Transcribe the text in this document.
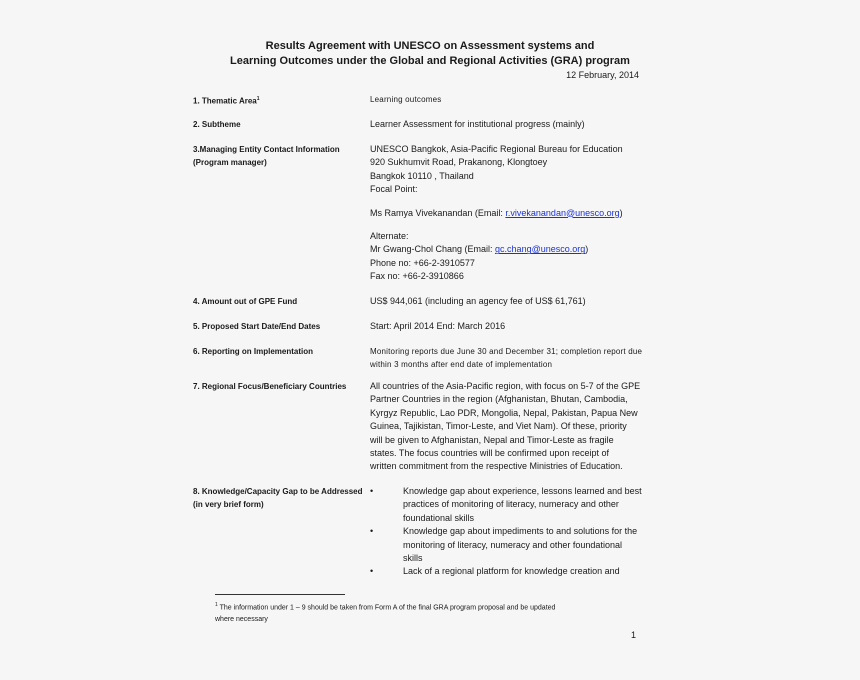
Results Agreement with UNESCO on Assessment systems and
Learning Outcomes under the Global and Regional Activities (GRA) program
12 February, 2014
1. Thematic Area$^1$	Learning outcomes
2. Subtheme	Learner Assessment for institutional progress (mainly)
3.Managing Entity Contact Information (Program manager)
UNESCO Bangkok, Asia-Pacific Regional Bureau for Education
920 Sukhumvit Road, Prakanong, Klongtoey
Bangkok 10110 , Thailand
Focal Point:
Ms Ramya Vivekanandan (Email: r.vivekanandan@unesco.org)
Alternate:
Mr Gwang-Chol Chang (Email: gc.chang@unesco.org)
Phone no: +66-2-3910577
Fax no: +66-2-3910866
4. Amount out of GPE Fund	US$ 944,061 (including an agency fee of US$ 61,761)
5. Proposed Start Date/End Dates	Start: April 2014 End: March 2016
6. Reporting on Implementation	Monitoring reports due June 30 and December 31; completion report due
within 3 months after end date of implementation
7. Regional Focus/Beneficiary Countries	All countries of the Asia-Pacific region, with focus on 5-7 of the GPE
Partner Countries in the region (Afghanistan, Bhutan, Cambodia,
Kyrgyz Republic, Lao PDR, Mongolia, Nepal, Pakistan, Papua New
Guinea, Tajikistan, Timor-Leste, and Viet Nam). Of these, priority
will be given to Afghanistan, Nepal and Timor-Leste as fragile
states. The focus countries will be confirmed upon receipt of
written commitment from the respective Ministries of Education.
8. Knowledge/Capacity Gap to be Addressed (in very brief form)
•	Knowledge gap about experience, lessons learned and best
practices of monitoring of literacy, numeracy and other
foundational skills
•	Knowledge gap about impediments to and solutions for the
monitoring of literacy, numeracy and other foundational
skills
•	Lack of a regional platform for knowledge creation and
$^1$ The information under 1 – 9 should be taken from Form A of the final GRA program proposal and be updated
where necessary
1
